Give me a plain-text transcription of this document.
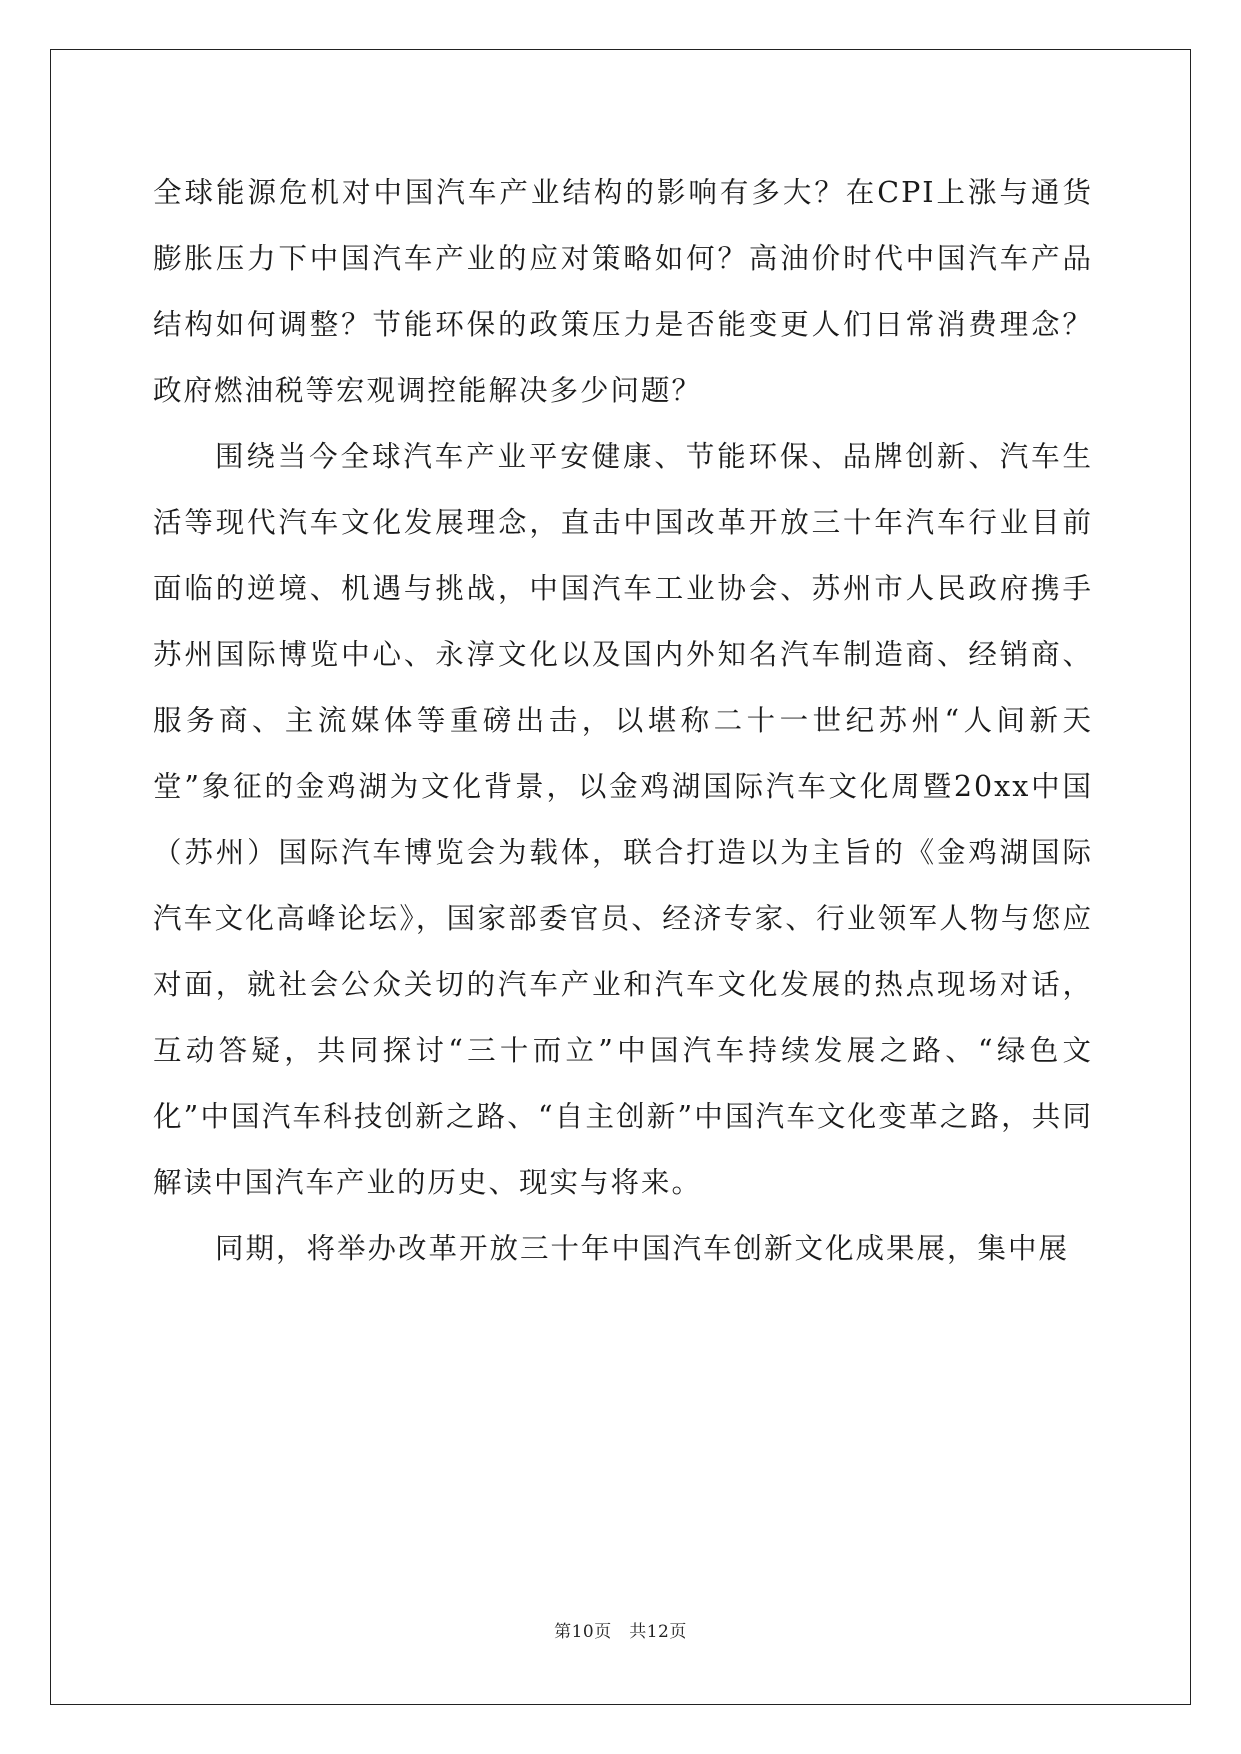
全球能源危机对中国汽车产业结构的影响有多大？在CPI上涨与通货膨胀压力下中国汽车产业的应对策略如何？高油价时代中国汽车产品结构如何调整？节能环保的政策压力是否能变更人们日常消费理念？政府燃油税等宏观调控能解决多少问题？

围绕当今全球汽车产业平安健康、节能环保、品牌创新、汽车生活等现代汽车文化发展理念，直击中国改革开放三十年汽车行业目前面临的逆境、机遇与挑战，中国汽车工业协会、苏州市人民政府携手苏州国际博览中心、永淳文化以及国内外知名汽车制造商、经销商、服务商、主流媒体等重磅出击，以堪称二十一世纪苏州“人间新天堂”象征的金鸡湖为文化背景，以金鸡湖国际汽车文化周暨20xx中国（苏州）国际汽车博览会为载体，联合打造以为主旨的《金鸡湖国际汽车文化高峰论坛》，国家部委官员、经济专家、行业领军人物与您应对面，就社会公众关切的汽车产业和汽车文化发展的热点现场对话，互动答疑，共同探讨“三十而立”中国汽车持续发展之路、“绿色文化”中国汽车科技创新之路、“自主创新”中国汽车文化变革之路，共同解读中国汽车产业的历史、现实与将来。

同期，将举办改革开放三十年中国汽车创新文化成果展，集中展

第10页　共12页
